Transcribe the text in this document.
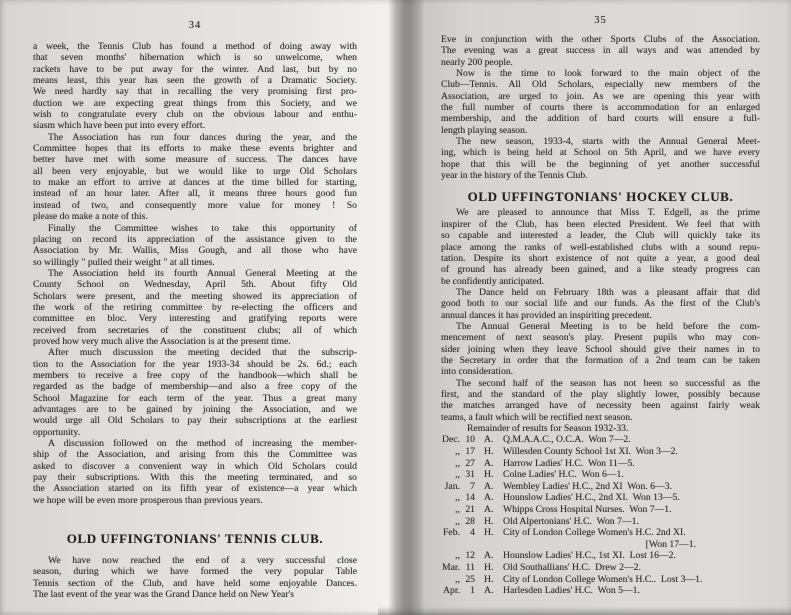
34
a week, the Tennis Club has found a method of doing away with
that seven months' hibernation which is so unwelcome, when
rackets have to be put away for the winter. And last, but by no
means least, this year has seen the growth of a Dramatic Society.
We need hardly say that in recalling the very promising first pro-
duction we are expecting great things from this Society, and we
wish to congratulate every club on the obvious labour and enthu-
siasm which have been put into every effort.
The Association has run four dances during the year, and the
Committee hopes that its efforts to make these events brighter and
better have met with some measure of success. The dances have
all been very enjoyable, but we would like to urge Old Scholars
to make an effort to arrive at dances at the time billed for starting,
instead of an hour later. After all, it means three hours good fun
instead of two, and consequently more value for money ! So
please do make a note of this.
Finally the Committee wishes to take this opportunity of
placing on record its appreciation of the assistance given to the
Association by Mr. Wallis, Miss Gough, and all those who have
so willingly " pulled their weight " at all times.
The Association held its fourth Annual General Meeting at the
County School on Wednesday, April 5th. About fifty Old
Scholars were present, and the meeting showed its appreciation of
the work of the retiring committee by re-electing the officers and
committee en bloc. Very interesting and gratifying reports were
received from secretaries of the constituent clubs; all of which
proved how very much alive the Association is at the present time.
After much discussion the meeting decided that the subscrip-
tion to the Association for the year 1933-34 should be 2s. 6d.; each
members to receive a free copy of the handbook—which shall be
regarded as the badge of membership—and also a free copy of the
School Magazine for each term of the year. Thus a great many
advantages are to be gained by joining the Association, and we
would urge all Old Scholars to pay their subscriptions at the earliest
opportunity.
A discussion followed on the method of increasing the member-
ship of the Association, and arising from this the Committee was
asked to discover a convenient way in which Old Scholars could
pay their subscriptions. With this the meeting terminated, and so
the Association started on its fifth year of existence—a year which
we hope will be even more prosperous than previous years.
OLD UFFINGTONIANS' TENNIS CLUB.
We have now reached the end of a very successful close
season, during which we have formed the very popular Table
Tennis section of the Club, and have held some enjoyable Dances.
The last event of the year was the Grand Dance held on New Year's
35
Eve in conjunction with the other Sports Clubs of the Association.
The evening was a great success in all ways and was attended by
nearly 200 people.
Now is the time to look forward to the main object of the
Club—Tennis. All Old Scholars, especially new members of the
Association, are urged to join. As we are opening this year with
the full number of courts there is accommodation for an enlarged
membership, and the addition of hard courts will ensure a full-
length playing season.
The new season, 1933-4, starts with the Annual General Meet-
ing, which is being held at School on 5th April, and we have every
hope that this will be the beginning of yet another successful
year in the history of the Tennis Club.
OLD UFFINGTONIANS' HOCKEY CLUB.
We are pleased to announce that Miss T. Edgell, as the prime
inspirer of the Club, has been elected President. We feel that with
so capable and interested a leader, the Club will quickly take its
place among the ranks of well-established clubs with a sound repu-
tation. Despite its short existence of not quite a year, a good deal
of ground has already been gained, and a like steady progress can
be confidently anticipated.
The Dance held on February 18th was a pleasant affair that did
good both to our social life and our funds. As the first of the Club's
annual dances it has provided an inspiriting precedent.
The Annual General Meeting is to be held before the com-
mencement of next season's play. Present pupils who may con-
sider joining when they leave School should give their names in to
the Secretary in order that the formation of a 2nd team can be taken
into consideration.
The second half of the season has not been so successful as the
first, and the standard of the play slightly lower, possibly because
the matches arranged have of necessity been against fairly weak
teams, a fault which will be rectified next season.
Remainder of results for Season 1932-33.
Dec. 10 A. Q.M.A.A.C., O.C.A.  Won 7—2.
,, 17 H. Willesden County School 1st XI.  Won 3—2.
,, 27 A. Harrow Ladies' H.C.  Won 11—5.
,, 31 H. Colne Ladies' H.C.  Won 6—1.
Jan.	7 A. Wembley Ladies' H.C., 2nd XI  Won. 6—3.
,, 14 A. Hounslow Ladies' H.C., 2nd XI.  Won 13—5.
,, 21 A. Whipps Cross Hospital Nurses.  Won 7—1.
,, 28 H. Old Alpertonians' H.C.  Won 7—1.
Feb.	4 H. City of London College Women's H.C. 2nd XI.
[Won 17—1.
,, 12 A. Hounslow Ladies' H.C., 1st XI.  Lost 16—2.
Mar. 11 H. Old Southallians' H.C.  Drew 2—2.
,, 25 H. City of London College Women's H.C..  Lost 3—1.
Apr.	1 A. Harlesden Ladies' H.C.  Won 5—1.
